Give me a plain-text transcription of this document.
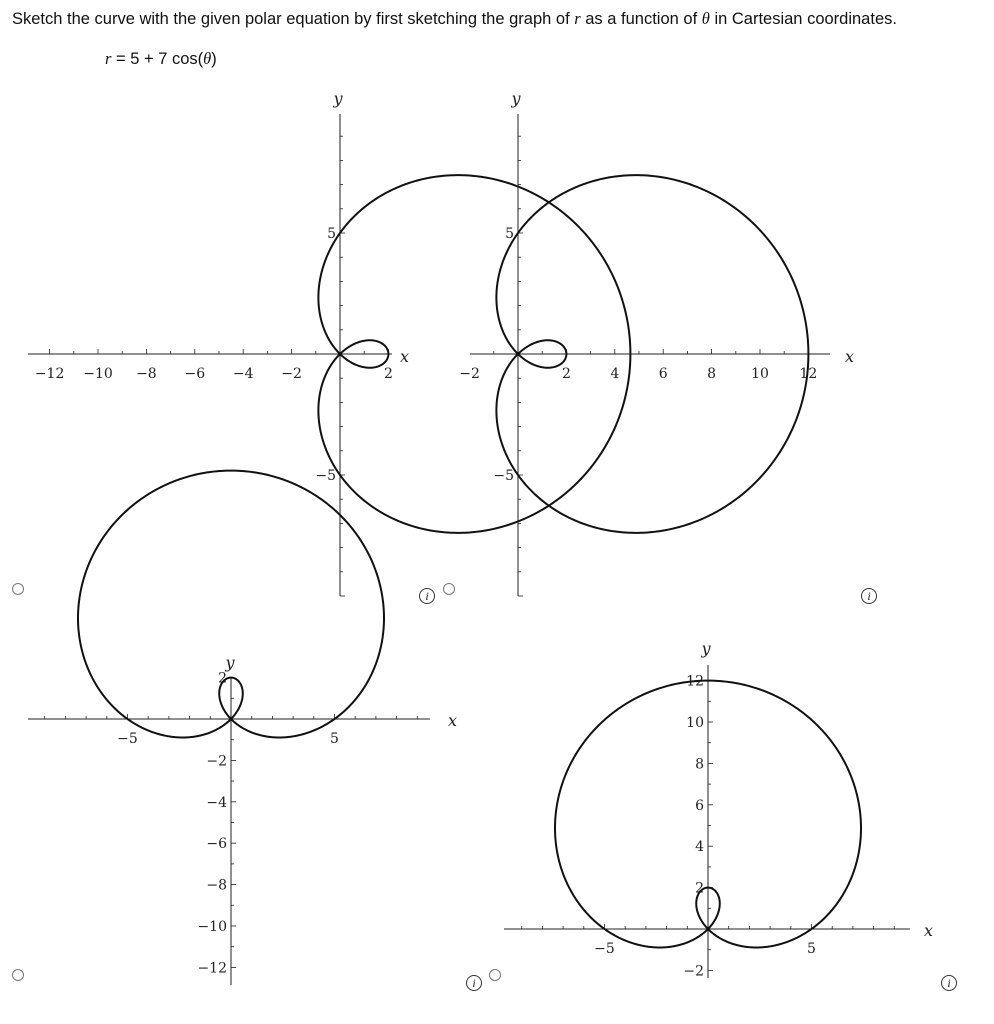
Sketch the curve with the given polar equation by first sketching the graph of r as a function of θ in Cartesian coordinates.
r = 5 + 7 cos(θ)
−12 −10 −8 −6 −4 −2	2
5
−5
x
y
−2	2	4	6	8	10 12
5
−5
x
y
−5	5
2
−2
−4
−6
−8
−10
−12
x
y
−5	5
12
10
8
6
4
2
−2
x
y
i	i
i	i
